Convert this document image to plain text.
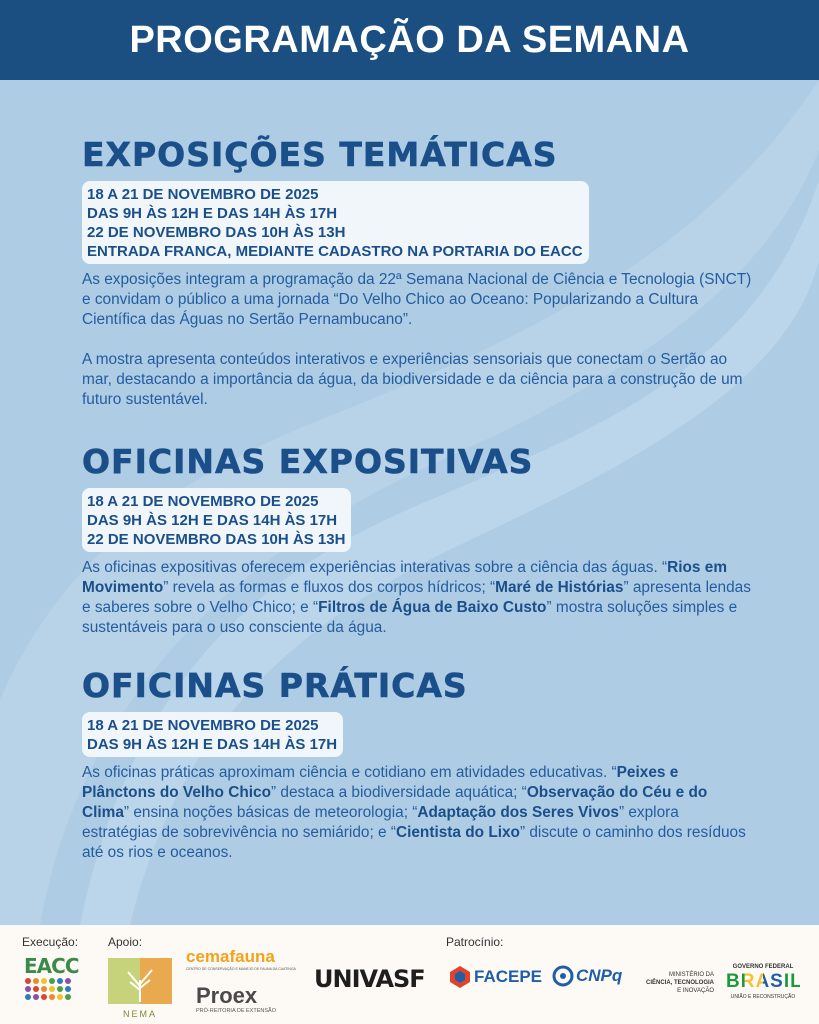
PROGRAMAÇÃO DA SEMANA
EXPOSIÇÕES TEMÁTICAS
18 A 21 DE NOVEMBRO DE 2025
DAS 9H ÀS 12H E DAS 14H ÀS 17H
22 DE NOVEMBRO DAS 10H ÀS 13H
ENTRADA FRANCA, MEDIANTE CADASTRO NA PORTARIA DO EACC

As exposições integram a programação da 22ª Semana Nacional de Ciência e Tecnologia (SNCT) e convidam o público a uma jornada “Do Velho Chico ao Oceano: Popularizando a Cultura Científica das Águas no Sertão Pernambucano”.

A mostra apresenta conteúdos interativos e experiências sensoriais que conectam o Sertão ao mar, destacando a importância da água, da biodiversidade e da ciência para a construção de um futuro sustentável.

OFICINAS EXPOSITIVAS
18 A 21 DE NOVEMBRO DE 2025
DAS 9H ÀS 12H E DAS 14H ÀS 17H
22 DE NOVEMBRO DAS 10H ÀS 13H

As oficinas expositivas oferecem experiências interativas sobre a ciência das águas. “Rios em Movimento” revela as formas e fluxos dos corpos hídricos; “Maré de Histórias” apresenta lendas e saberes sobre o Velho Chico; e “Filtros de Água de Baixo Custo” mostra soluções simples e sustentáveis para o uso consciente da água.

OFICINAS PRÁTICAS
18 A 21 DE NOVEMBRO DE 2025
DAS 9H ÀS 12H E DAS 14H ÀS 17H

As oficinas práticas aproximam ciência e cotidiano em atividades educativas. “Peixes e Plânctons do Velho Chico” destaca a biodiversidade aquática; “Observação do Céu e do Clima” ensina noções básicas de meteorologia; “Adaptação dos Seres Vivos” explora estratégias de sobrevivência no semiárido; e “Cientista do Lixo” discute o caminho dos resíduos até os rios e oceanos.

Execução: Apoio:	Patrocínio:
EACC
NEMA
cemafauna
CENTRO DE CONSERVAÇÃO E MANEJO DE FAUNA DA CAATINGA
Proex
PRÓ-REITORIA DE EXTENSÃO
UNIVASF	FACEPE CNPq	MINISTÉRIO DA
CIÊNCIA, TECNOLOGIA
E INOVAÇÃO
GOVERNO FEDERAL
BRASIL
UNIÃO E RECONSTRUÇÃO
